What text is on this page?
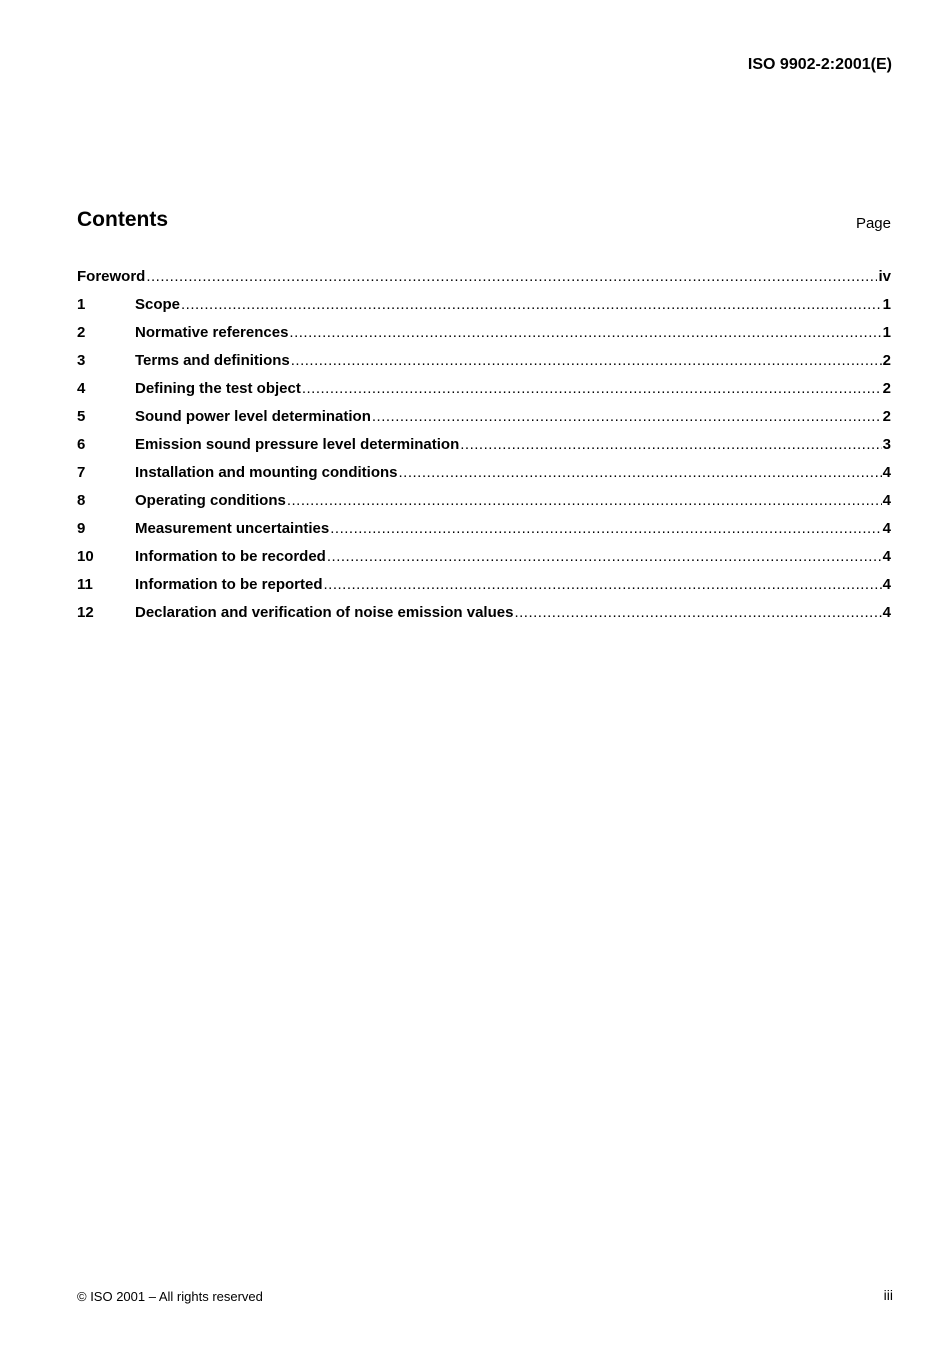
ISO 9902-2:2001(E)
Contents	Page
Foreword .....	iv
1	Scope .....	1
2	Normative references .....	1
3	Terms and definitions .....	2
4	Defining the test object .....	2
5	Sound power level determination .....	2
6	Emission sound pressure level determination .....	3
7	Installation and mounting conditions .....	4
8	Operating conditions .....	4
9	Measurement uncertainties .....	4
10	Information to be recorded .....	4
11	Information to be reported .....	4
12	Declaration and verification of noise emission values .....	4
© ISO 2001 – All rights reserved	iii
